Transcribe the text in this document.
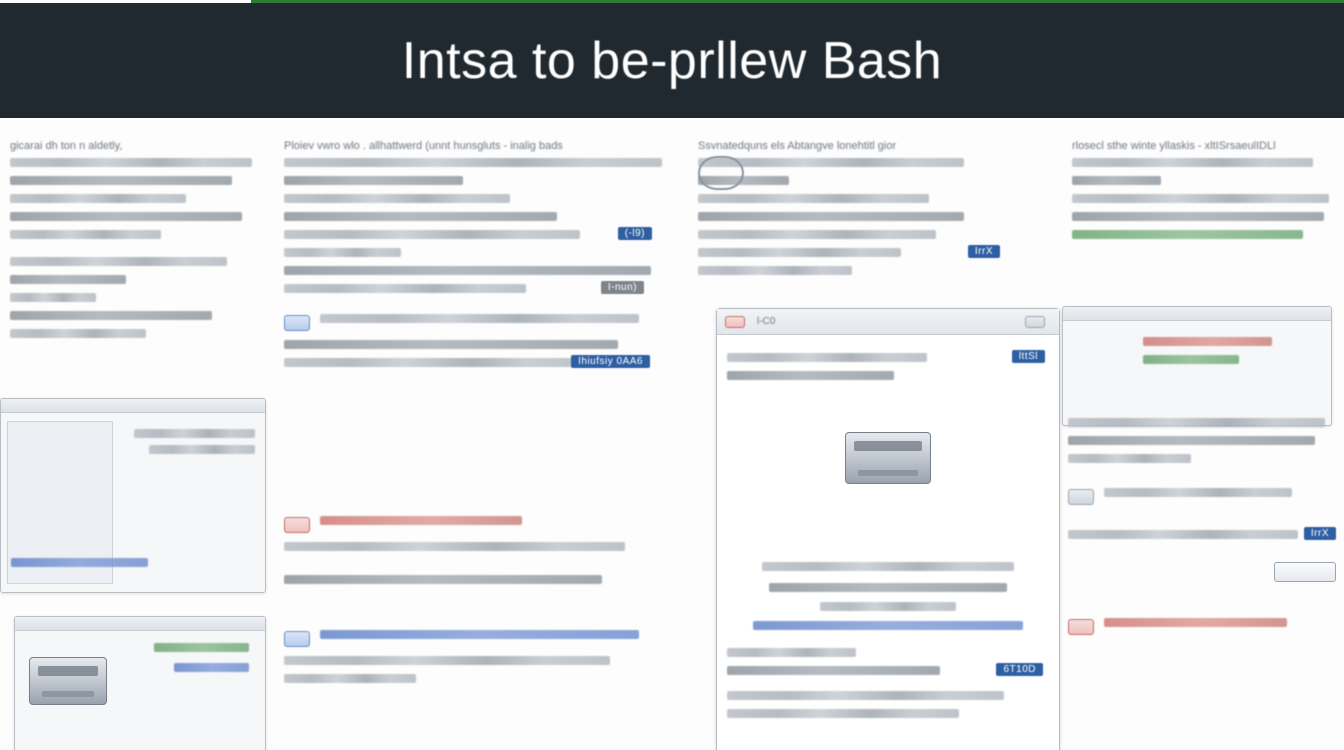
Intsa to be-prllew Bash
gicarai dh ton n aldetly,
	Ploiev vwro wlo . allhattwerd (unnt hunsgluts - inalig bads
(-l9)
I-nun)

Ihiufsiy 0AA6

Ssvnatedquns els Abtangve lonehtitl gior
IrrX
l-C0
lttSl
6T10D
rlosecl sthe winte yllaskis - xltISrsaeulIDLl

IrrX
